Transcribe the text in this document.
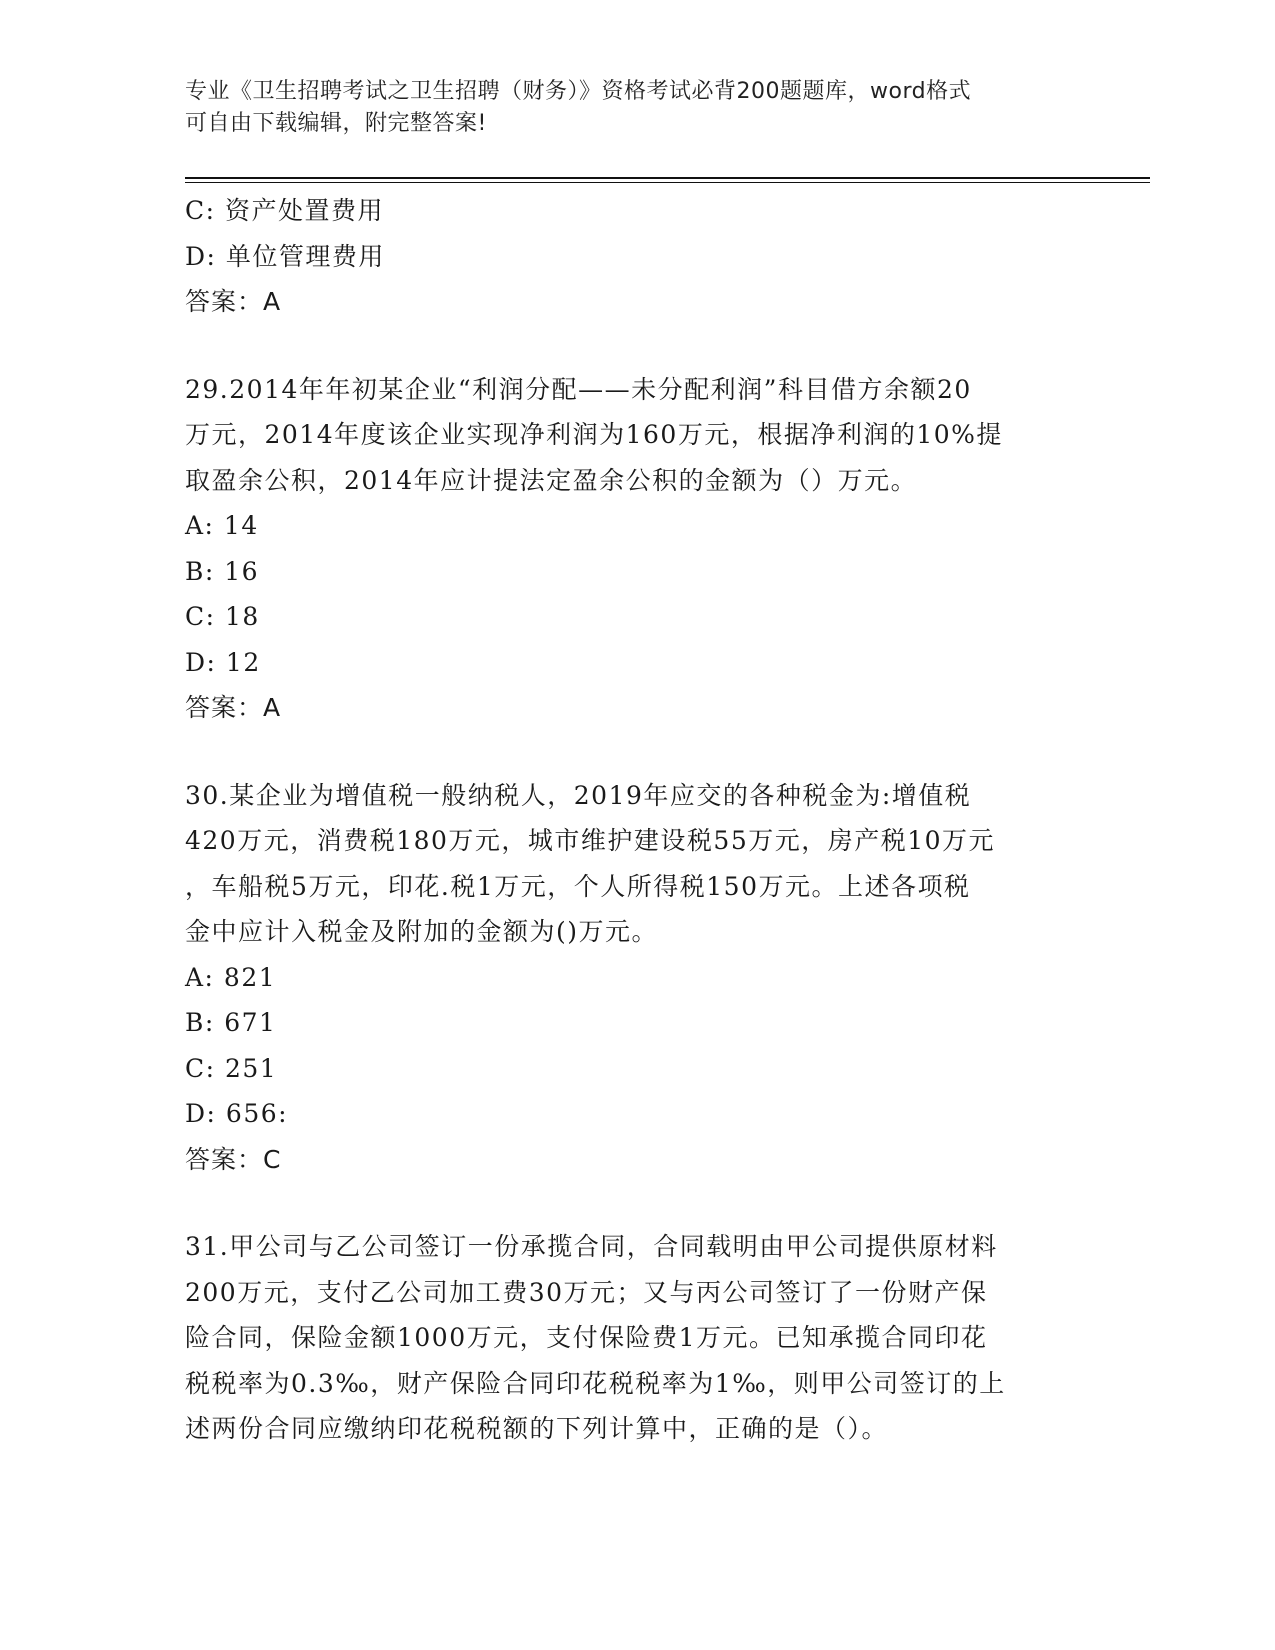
专业《卫生招聘考试之卫生招聘（财务）》资格考试必背200题题库，word格式
可自由下载编辑，附完整答案!
C: 资产处置费用
D: 单位管理费用
答案：A
29.2014年年初某企业“利润分配——未分配利润”科目借方余额20
万元，2014年度该企业实现净利润为160万元，根据净利润的10%提
取盈余公积，2014年应计提法定盈余公积的金额为（）万元。
A: 14
B: 16
C: 18
D: 12
答案：A
30.某企业为增值税一般纳税人，2019年应交的各种税金为:增值税
420万元，消费税180万元，城市维护建设税55万元，房产税10万元
，车船税5万元，印花.税1万元，个人所得税150万元。上述各项税
金中应计入税金及附加的金额为()万元。
A: 821
B: 671
C: 251
D: 656:
答案：C
31.甲公司与乙公司签订一份承揽合同，合同载明由甲公司提供原材料
200万元，支付乙公司加工费30万元；又与丙公司签订了一份财产保
险合同，保险金额1000万元，支付保险费1万元。已知承揽合同印花
税税率为0.3‰，财产保险合同印花税税率为1‰，则甲公司签订的上
述两份合同应缴纳印花税税额的下列计算中，正确的是（）。
